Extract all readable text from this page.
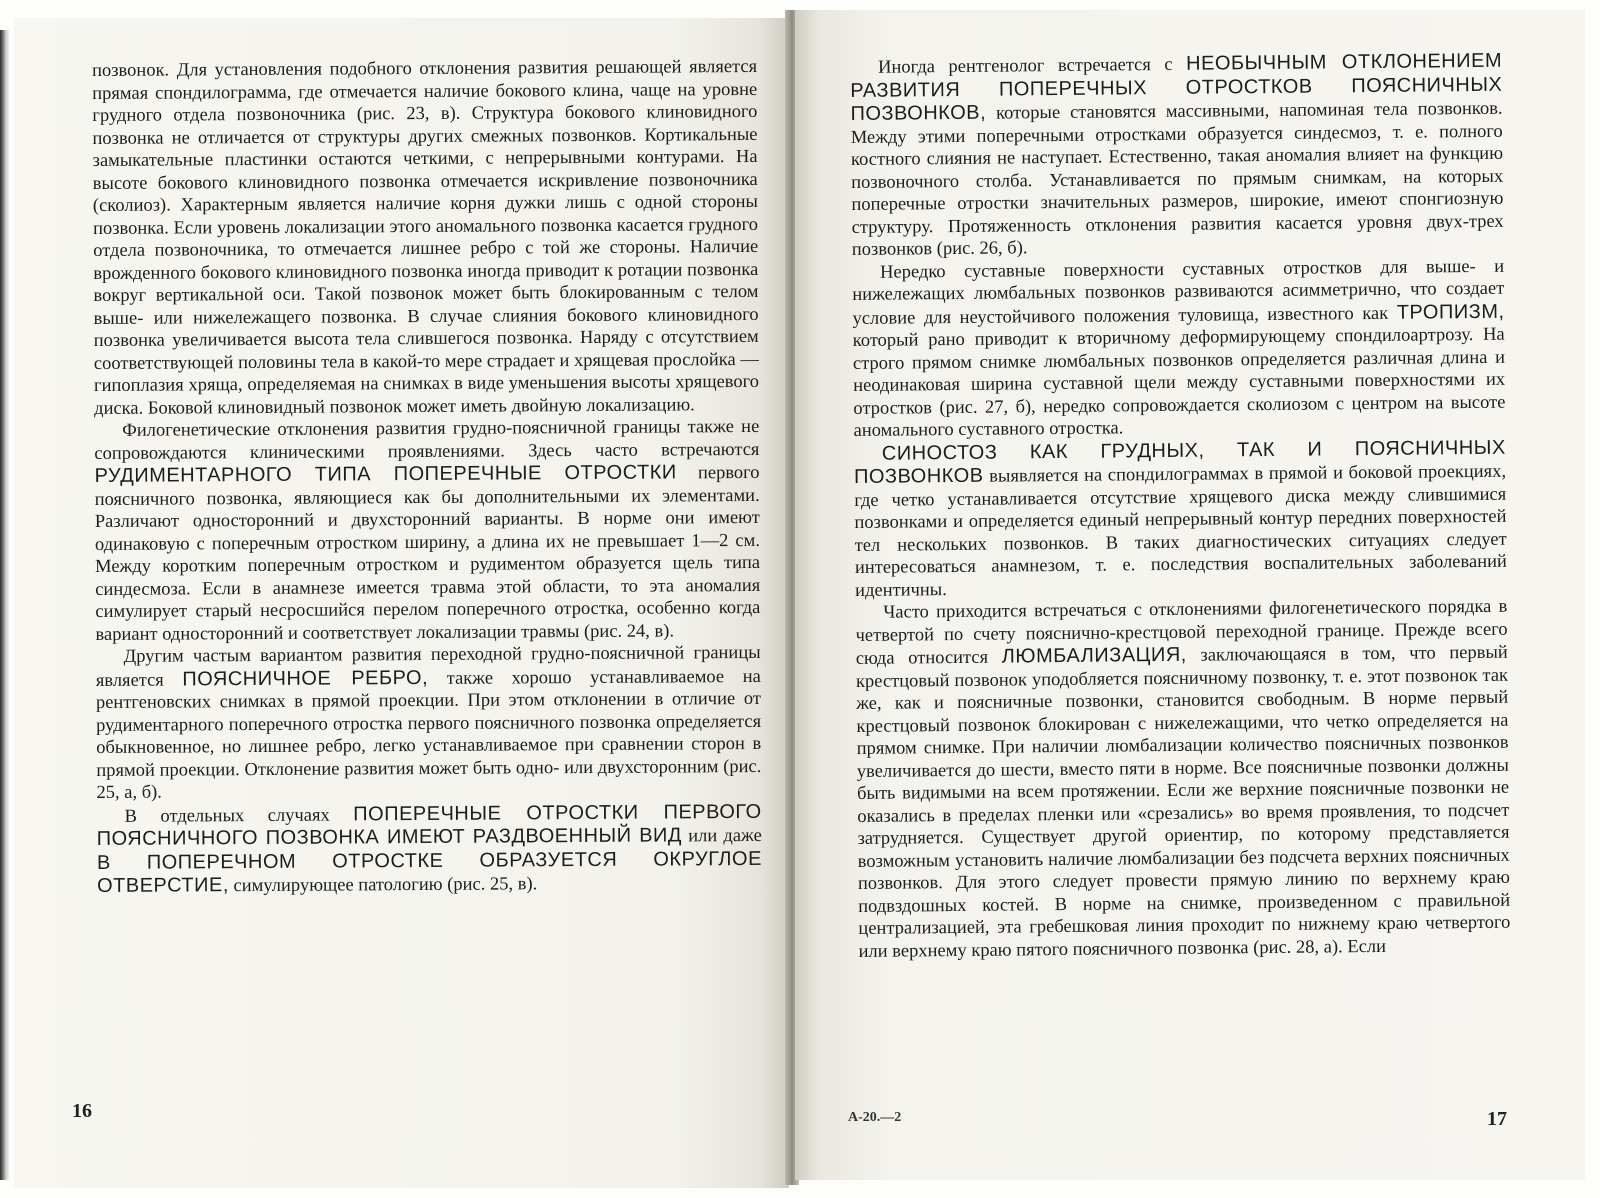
позвонок. Для установления подобного отклонения развития решающей является прямая спондилограмма, где отмечается наличие бокового клина, чаще на уровне грудного отдела позвоночника (рис. 23, в). Структура бокового клиновидного позвонка не отличается от структуры других смежных позвонков. Кортикальные замыкательные пластинки остаются четкими, с непрерывными контурами. На высоте бокового клиновидного позвонка отмечается искривление позвоночника (сколиоз). Характерным является наличие корня дужки лишь с одной стороны позвонка. Если уровень локализации этого аномального позвонка касается грудного отдела позвоночника, то отмечается лишнее ребро с той же стороны. Наличие врожденного бокового клиновидного позвонка иногда приводит к ротации позвонка вокруг вертикальной оси. Такой позвонок может быть блокированным с телом выше- или нижележащего позвонка. В случае слияния бокового клиновидного позвонка увеличивается высота тела слившегося позвонка. Наряду с отсутствием соответствующей половины тела в какой-то мере страдает и хрящевая прослойка — гипоплазия хряща, определяемая на снимках в виде уменьшения высоты хрящевого диска. Боковой клиновидный позвонок может иметь двойную локализацию.

Филогенетические отклонения развития грудно-поясничной границы также не сопровождаются клиническими проявлениями. Здесь часто встречаются РУДИМЕНТАРНОГО ТИПА ПОПЕРЕЧНЫЕ ОТРОСТКИ первого поясничного позвонка, являющиеся как бы дополнительными их элементами. Различают односторонний и двухсторонний варианты. В норме они имеют одинаковую с поперечным отростком ширину, а длина их не превышает 1—2 см. Между коротким поперечным отростком и рудиментом образуется щель типа синдесмоза. Если в анамнезе имеется травма этой области, то эта аномалия симулирует старый несросшийся перелом поперечного отростка, особенно когда вариант односторонний и соответствует локализации травмы (рис. 24, в).

Другим частым вариантом развития переходной грудно-поясничной границы является ПОЯСНИЧНОЕ РЕБРО, также хорошо устанавливаемое на рентгеновских снимках в прямой проекции. При этом отклонении в отличие от рудиментарного поперечного отростка первого поясничного позвонка определяется обыкновенное, но лишнее ребро, легко устанавливаемое при сравнении сторон в прямой проекции. Отклонение развития может быть одно- или двухсторонним (рис. 25, а, б).

В отдельных случаях ПОПЕРЕЧНЫЕ ОТРОСТКИ ПЕРВОГО ПОЯСНИЧНОГО ПОЗВОНКА ИМЕЮТ РАЗДВОЕННЫЙ ВИД или даже В ПОПЕРЕЧНОМ ОТРОСТКЕ ОБРАЗУЕТСЯ ОКРУГЛОЕ ОТВЕРСТИЕ, симулирующее патологию (рис. 25, в).

16

Иногда рентгенолог встречается с НЕОБЫЧНЫМ ОТКЛОНЕНИЕМ РАЗВИТИЯ ПОПЕРЕЧНЫХ ОТРОСТКОВ ПОЯСНИЧНЫХ ПОЗВОНКОВ, которые становятся массивными, напоминая тела позвонков. Между этими поперечными отростками образуется синдесмоз, т. е. полного костного слияния не наступает. Естественно, такая аномалия влияет на функцию позвоночного столба. Устанавливается по прямым снимкам, на которых поперечные отростки значительных размеров, широкие, имеют спонгиозную структуру. Протяженность отклонения развития касается уровня двух-трех позвонков (рис. 26, б).

Нередко суставные поверхности суставных отростков для выше- и нижележащих люмбальных позвонков развиваются асимметрично, что создает условие для неустойчивого положения туловища, известного как ТРОПИЗМ, который рано приводит к вторичному деформирующему спондилоартрозу. На строго прямом снимке люмбальных позвонков определяется различная длина и неодинаковая ширина суставной щели между суставными поверхностями их отростков (рис. 27, б), нередко сопровождается сколиозом с центром на высоте аномального суставного отростка.

СИНОСТОЗ КАК ГРУДНЫХ, ТАК И ПОЯСНИЧНЫХ ПОЗВОНКОВ выявляется на спондилограммах в прямой и боковой проекциях, где четко устанавливается отсутствие хрящевого диска между слившимися позвонками и определяется единый непрерывный контур передних поверхностей тел нескольких позвонков. В таких диагностических ситуациях следует интересоваться анамнезом, т. е. последствия воспалительных заболеваний идентичны.

Часто приходится встречаться с отклонениями филогенетического порядка в четвертой по счету пояснично-крестцовой переходной границе. Прежде всего сюда относится ЛЮМБАЛИЗАЦИЯ, заключающаяся в том, что первый крестцовый позвонок уподобляется поясничному позвонку, т. е. этот позвонок так же, как и поясничные позвонки, становится свободным. В норме первый крестцовый позвонок блокирован с нижележащими, что четко определяется на прямом снимке. При наличии люмбализации количество поясничных позвонков увеличивается до шести, вместо пяти в норме. Все поясничные позвонки должны быть видимыми на всем протяжении. Если же верхние поясничные позвонки не оказались в пределах пленки или «срезались» во время проявления, то подсчет затрудняется. Существует другой ориентир, по которому представляется возможным установить наличие люмбализации без подсчета верхних поясничных позвонков. Для этого следует провести прямую линию по верхнему краю подвздошных костей. В норме на снимке, произведенном с правильной централизацией, эта гребешковая линия проходит по нижнему краю четвертого или верхнему краю пятого поясничного позвонка (рис. 28, а). Если

А-20.—2	17
